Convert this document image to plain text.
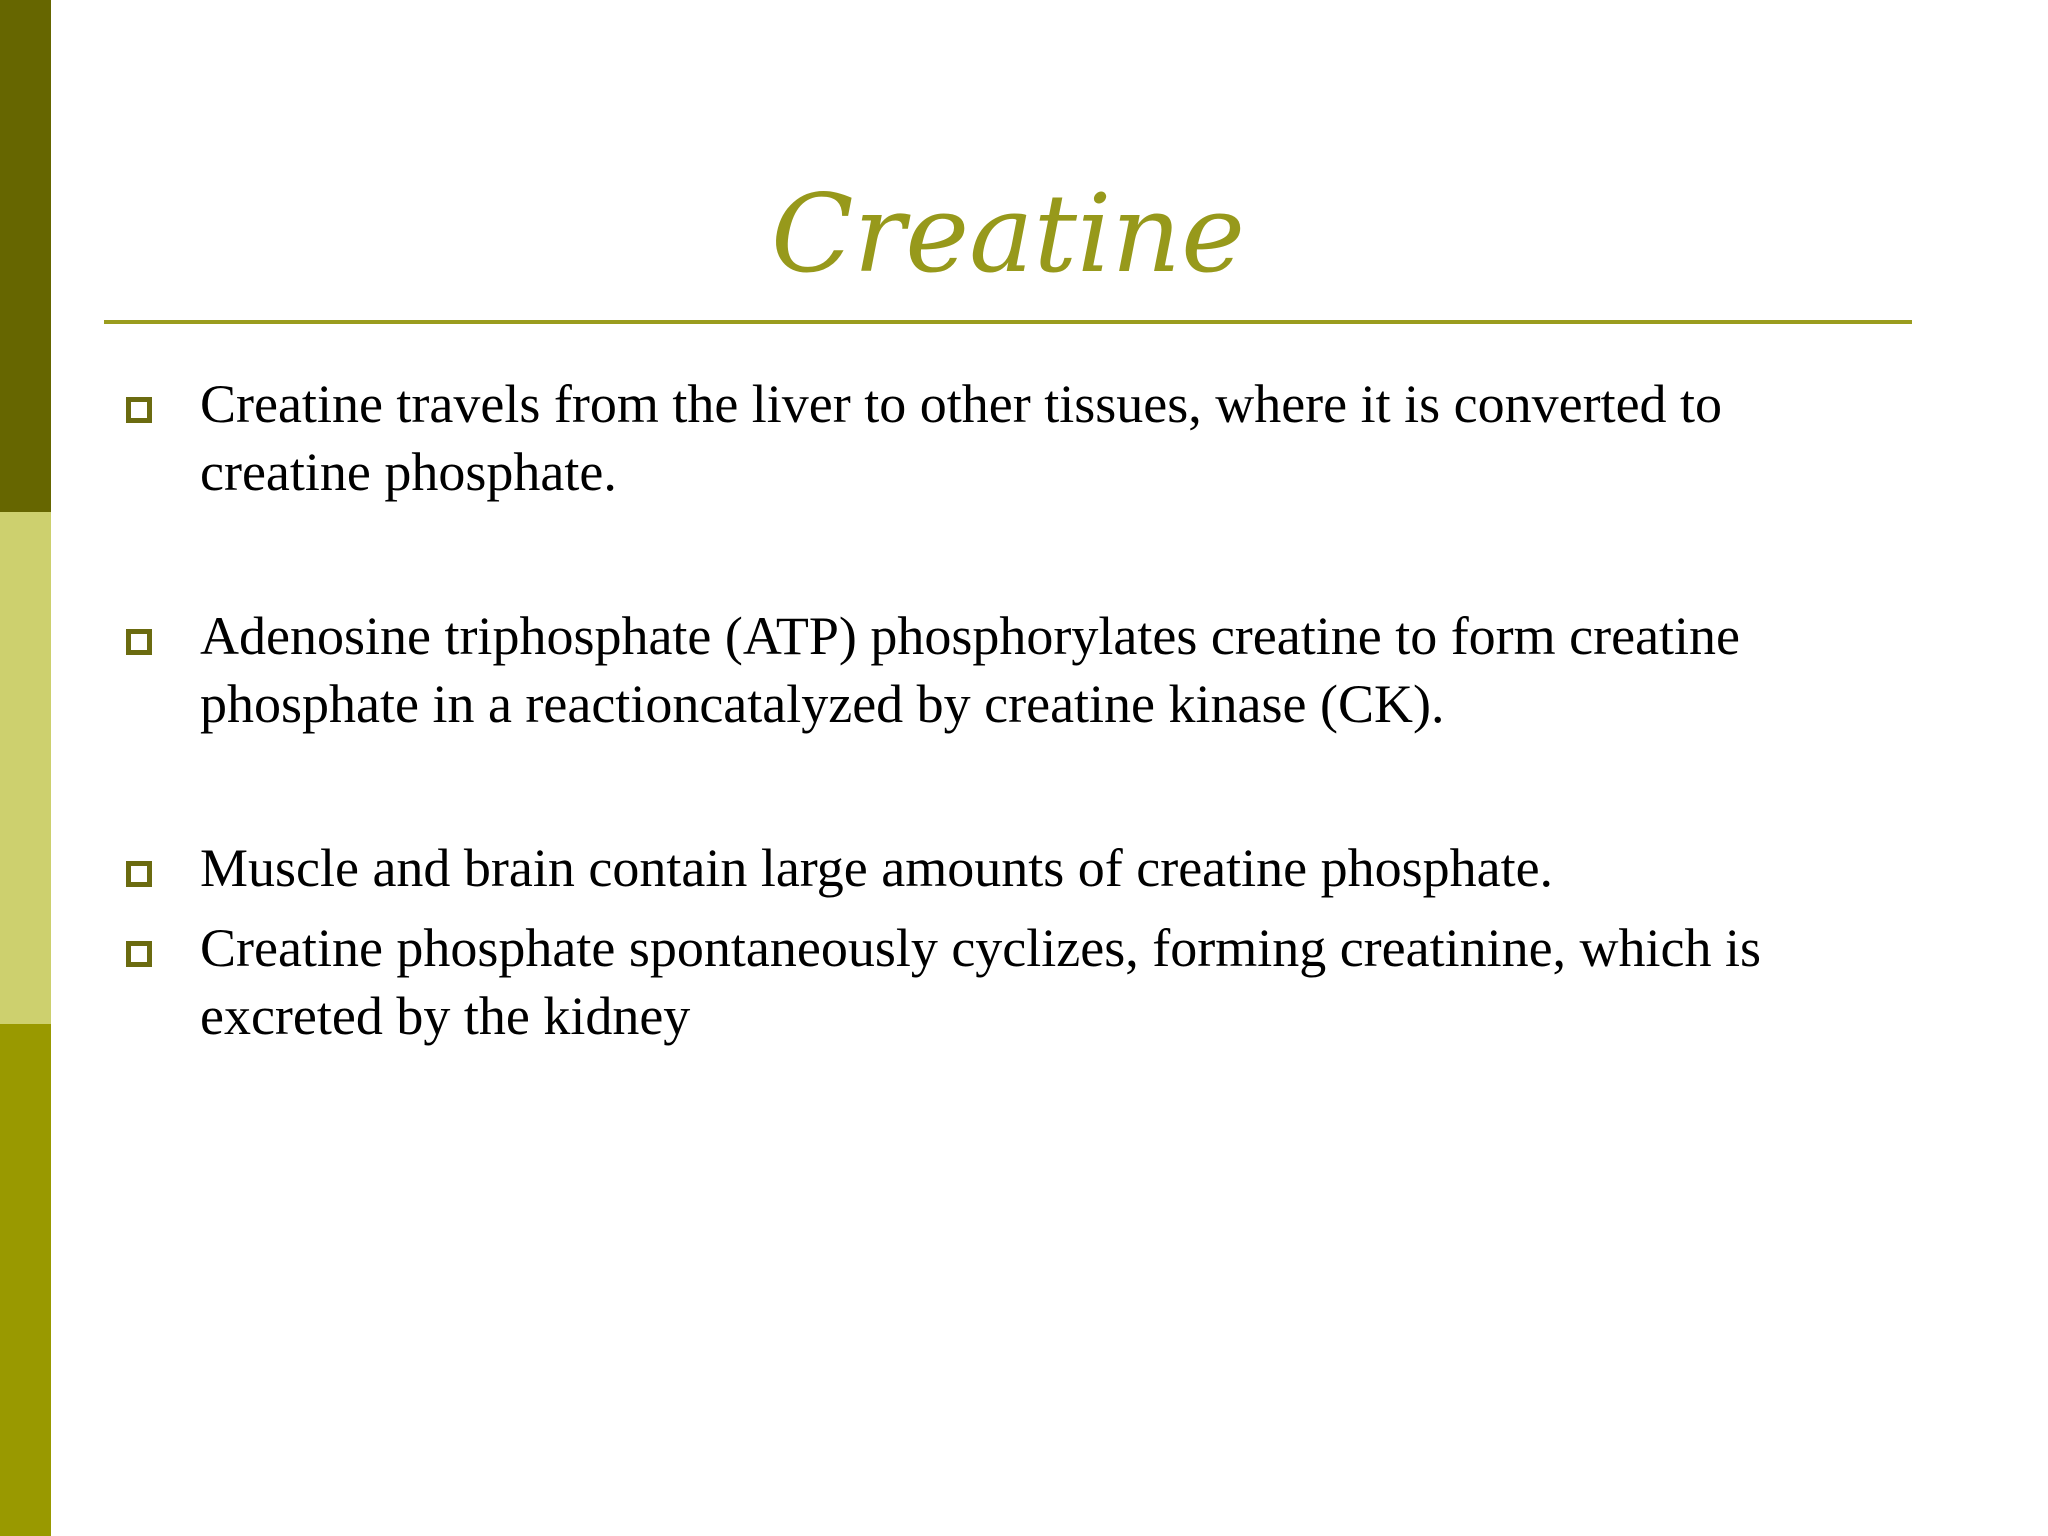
Creatine
Creatine travels from the liver to other tissues, where it is converted to creatine phosphate.
Adenosine triphosphate (ATP) phosphorylates creatine to form creatine phosphate in a reactioncatalyzed by creatine kinase (CK).
Muscle and brain contain large amounts of creatine phosphate.
Creatine phosphate spontaneously cyclizes, forming creatinine, which is excreted by the kidney
